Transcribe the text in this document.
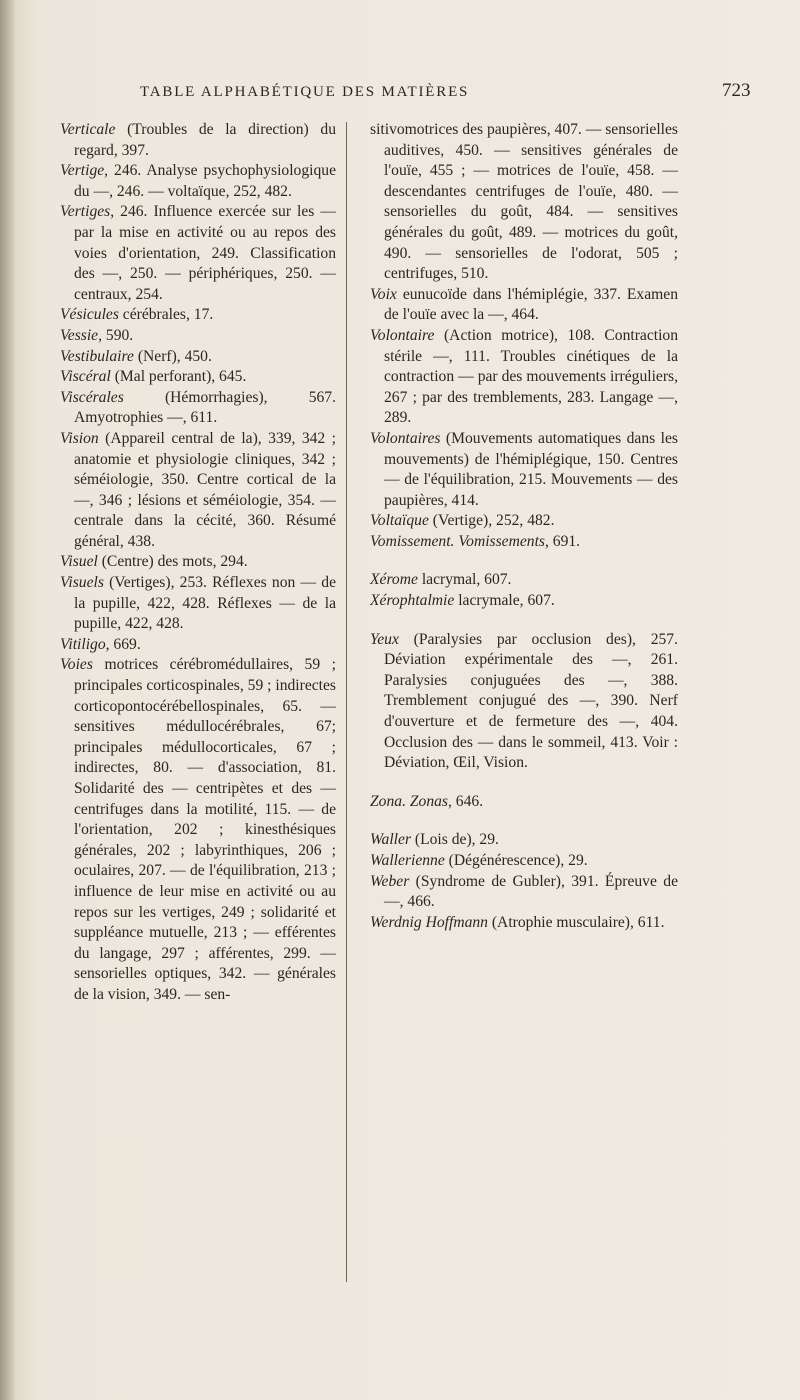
TABLE ALPHABÉTIQUE DES MATIÈRES	723

Verticale (Troubles de la direction) du regard, 397.

Vertige, 246. Analyse psychophysiologique du —, 246. — voltaïque, 252, 482.

Vertiges, 246. Influence exercée sur les — par la mise en activité ou au repos des voies d'orientation, 249. Classification des —, 250. — périphériques, 250. — centraux, 254.

Vésicules cérébrales, 17.

Vessie, 590.

Vestibulaire (Nerf), 450.

Viscéral (Mal perforant), 645.

Viscérales (Hémorrhagies), 567. Amyotrophies —, 611.

Vision (Appareil central de la), 339, 342 ; anatomie et physiologie cliniques, 342 ; séméiologie, 350. Centre cortical de la —, 346 ; lésions et séméiologie, 354. — centrale dans la cécité, 360. Résumé général, 438.

Visuel (Centre) des mots, 294.

Visuels (Vertiges), 253. Réflexes non — de la pupille, 422, 428. Réflexes — de la pupille, 422, 428.

Vitiligo, 669.

Voies motrices cérébromédullaires, 59 ; principales corticospinales, 59 ; indirectes corticopontocérébellospinales, 65. — sensitives médullocérébrales, 67; principales médullocorticales, 67 ; indirectes, 80. — d'association, 81. Solidarité des — centripètes et des — centrifuges dans la motilité, 115. — de l'orientation, 202 ; kinesthésiques générales, 202 ; labyrinthiques, 206 ; oculaires, 207. — de l'équilibration, 213 ; influence de leur mise en activité ou au repos sur les vertiges, 249 ; solidarité et suppléance mutuelle, 213 ; — efférentes du langage, 297 ; afférentes, 299. — sensorielles optiques, 342. — générales de la vision, 349. — sen-

sitivomotrices des paupières, 407. — sensorielles auditives, 450. — sensitives générales de l'ouïe, 455 ; — motrices de l'ouïe, 458. — descendantes centrifuges de l'ouïe, 480. — sensorielles du goût, 484. — sensitives générales du goût, 489. — motrices du goût, 490. — sensorielles de l'odorat, 505 ; centrifuges, 510.

Voix eunucoïde dans l'hémiplégie, 337. Examen de l'ouïe avec la —, 464.

Volontaire (Action motrice), 108. Contraction stérile —, 111. Troubles cinétiques de la contraction — par des mouvements irréguliers, 267 ; par des tremblements, 283. Langage —, 289.

Volontaires (Mouvements automatiques dans les mouvements) de l'hémiplégique, 150. Centres — de l'équilibration, 215. Mouvements — des paupières, 414.

Voltaïque (Vertige), 252, 482.

Vomissement. Vomissements, 691.

Xérome lacrymal, 607.

Xérophtalmie lacrymale, 607.

Yeux (Paralysies par occlusion des), 257. Déviation expérimentale des —, 261. Paralysies conjuguées des —, 388. Tremblement conjugué des —, 390. Nerf d'ouverture et de fermeture des —, 404. Occlusion des — dans le sommeil, 413. Voir : Déviation, Œil, Vision.

Zona. Zonas, 646.

Waller (Lois de), 29.

Wallerienne (Dégénérescence), 29.

Weber (Syndrome de Gubler), 391. Épreuve de —, 466.

Werdnig Hoffmann (Atrophie musculaire), 611.
